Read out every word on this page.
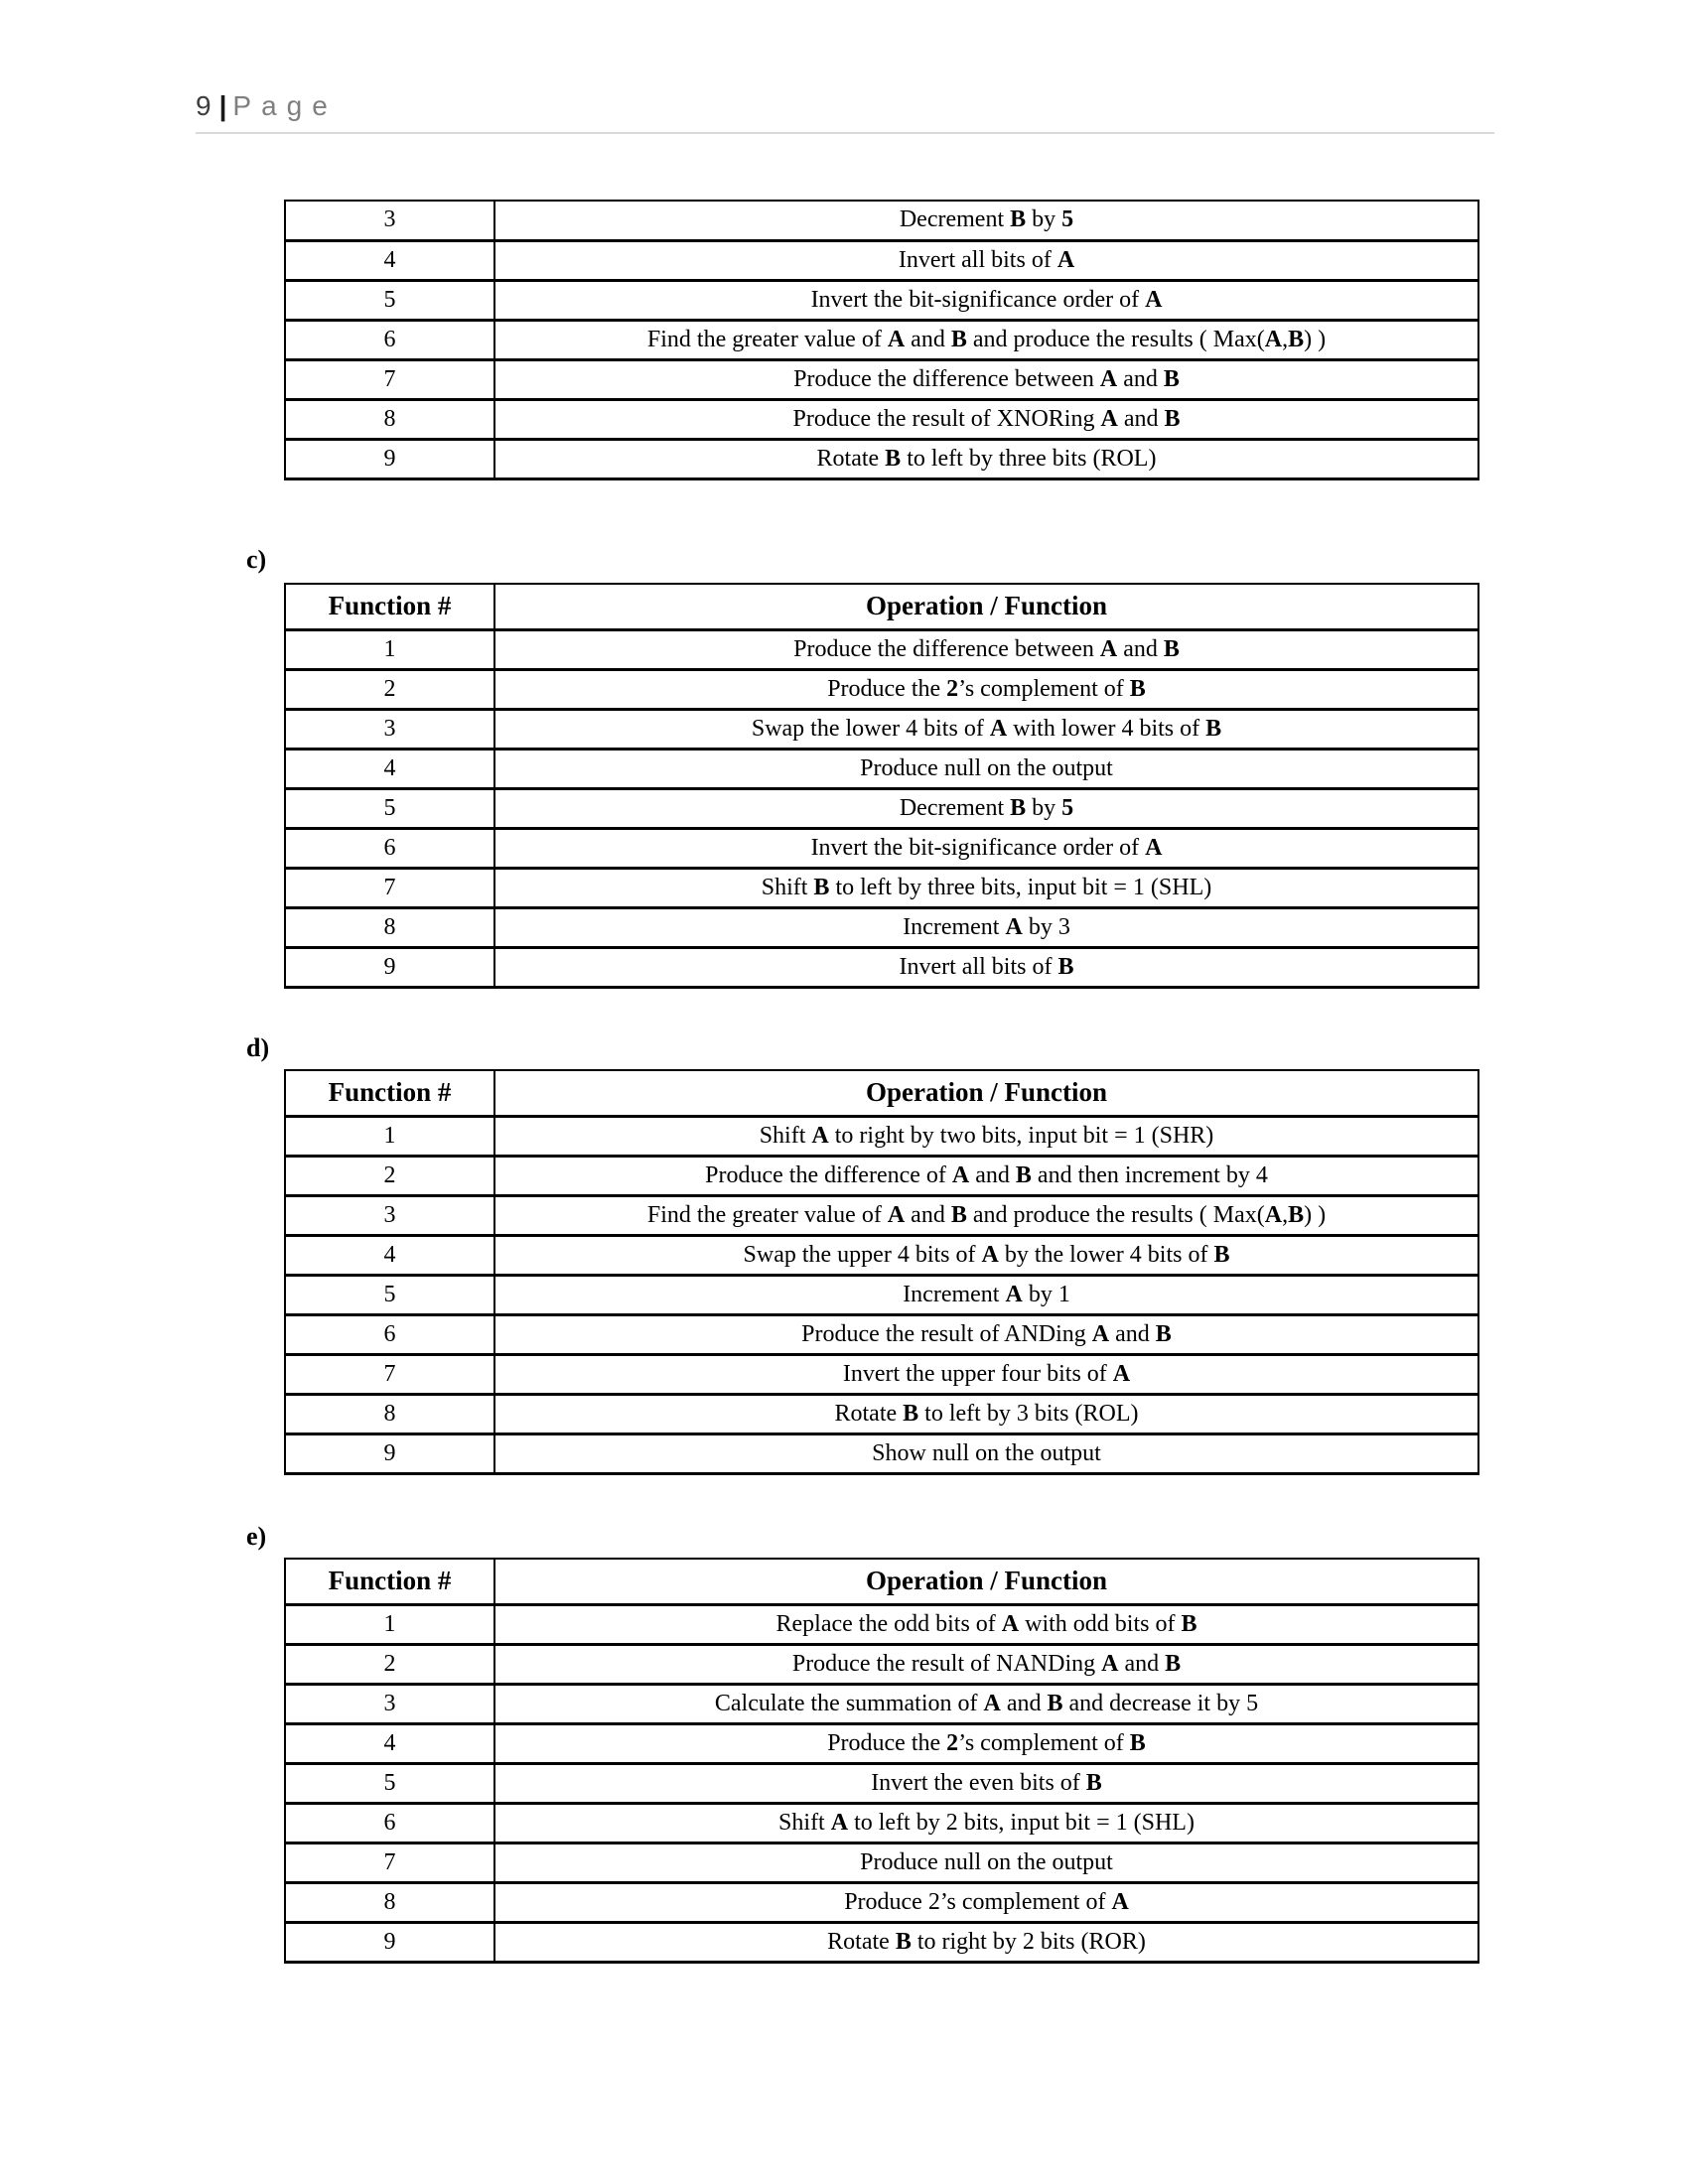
9 | Page
3	Decrement B by 5
4	Invert all bits of A
5	Invert the bit-significance order of A
6	Find the greater value of A and B and produce the results ( Max(A,B) )
7	Produce the difference between A and B
8	Produce the result of XNORing A and B
9	Rotate B to left by three bits (ROL)
c)
Function #	Operation / Function
1	Produce the difference between A and B
2	Produce the 2’s complement of B
3	Swap the lower 4 bits of A with lower 4 bits of B
4	Produce null on the output
5	Decrement B by 5
6	Invert the bit-significance order of A
7	Shift B to left by three bits, input bit = 1 (SHL)
8	Increment A by 3
9	Invert all bits of B
d)
Function #	Operation / Function
1	Shift A to right by two bits, input bit = 1 (SHR)
2	Produce the difference of A and B and then increment by 4
3	Find the greater value of A and B and produce the results ( Max(A,B) )
4	Swap the upper 4 bits of A by the lower 4 bits of B
5	Increment A by 1
6	Produce the result of ANDing A and B
7	Invert the upper four bits of A
8	Rotate B to left by 3 bits (ROL)
9	Show null on the output
e)
Function #	Operation / Function
1	Replace the odd bits of A with odd bits of B
2	Produce the result of NANDing A and B
3	Calculate the summation of A and B and decrease it by 5
4	Produce the 2’s complement of B
5	Invert the even bits of B
6	Shift A to left by 2 bits, input bit = 1 (SHL)
7	Produce null on the output
8	Produce 2’s complement of A
9	Rotate B to right by 2 bits (ROR)
